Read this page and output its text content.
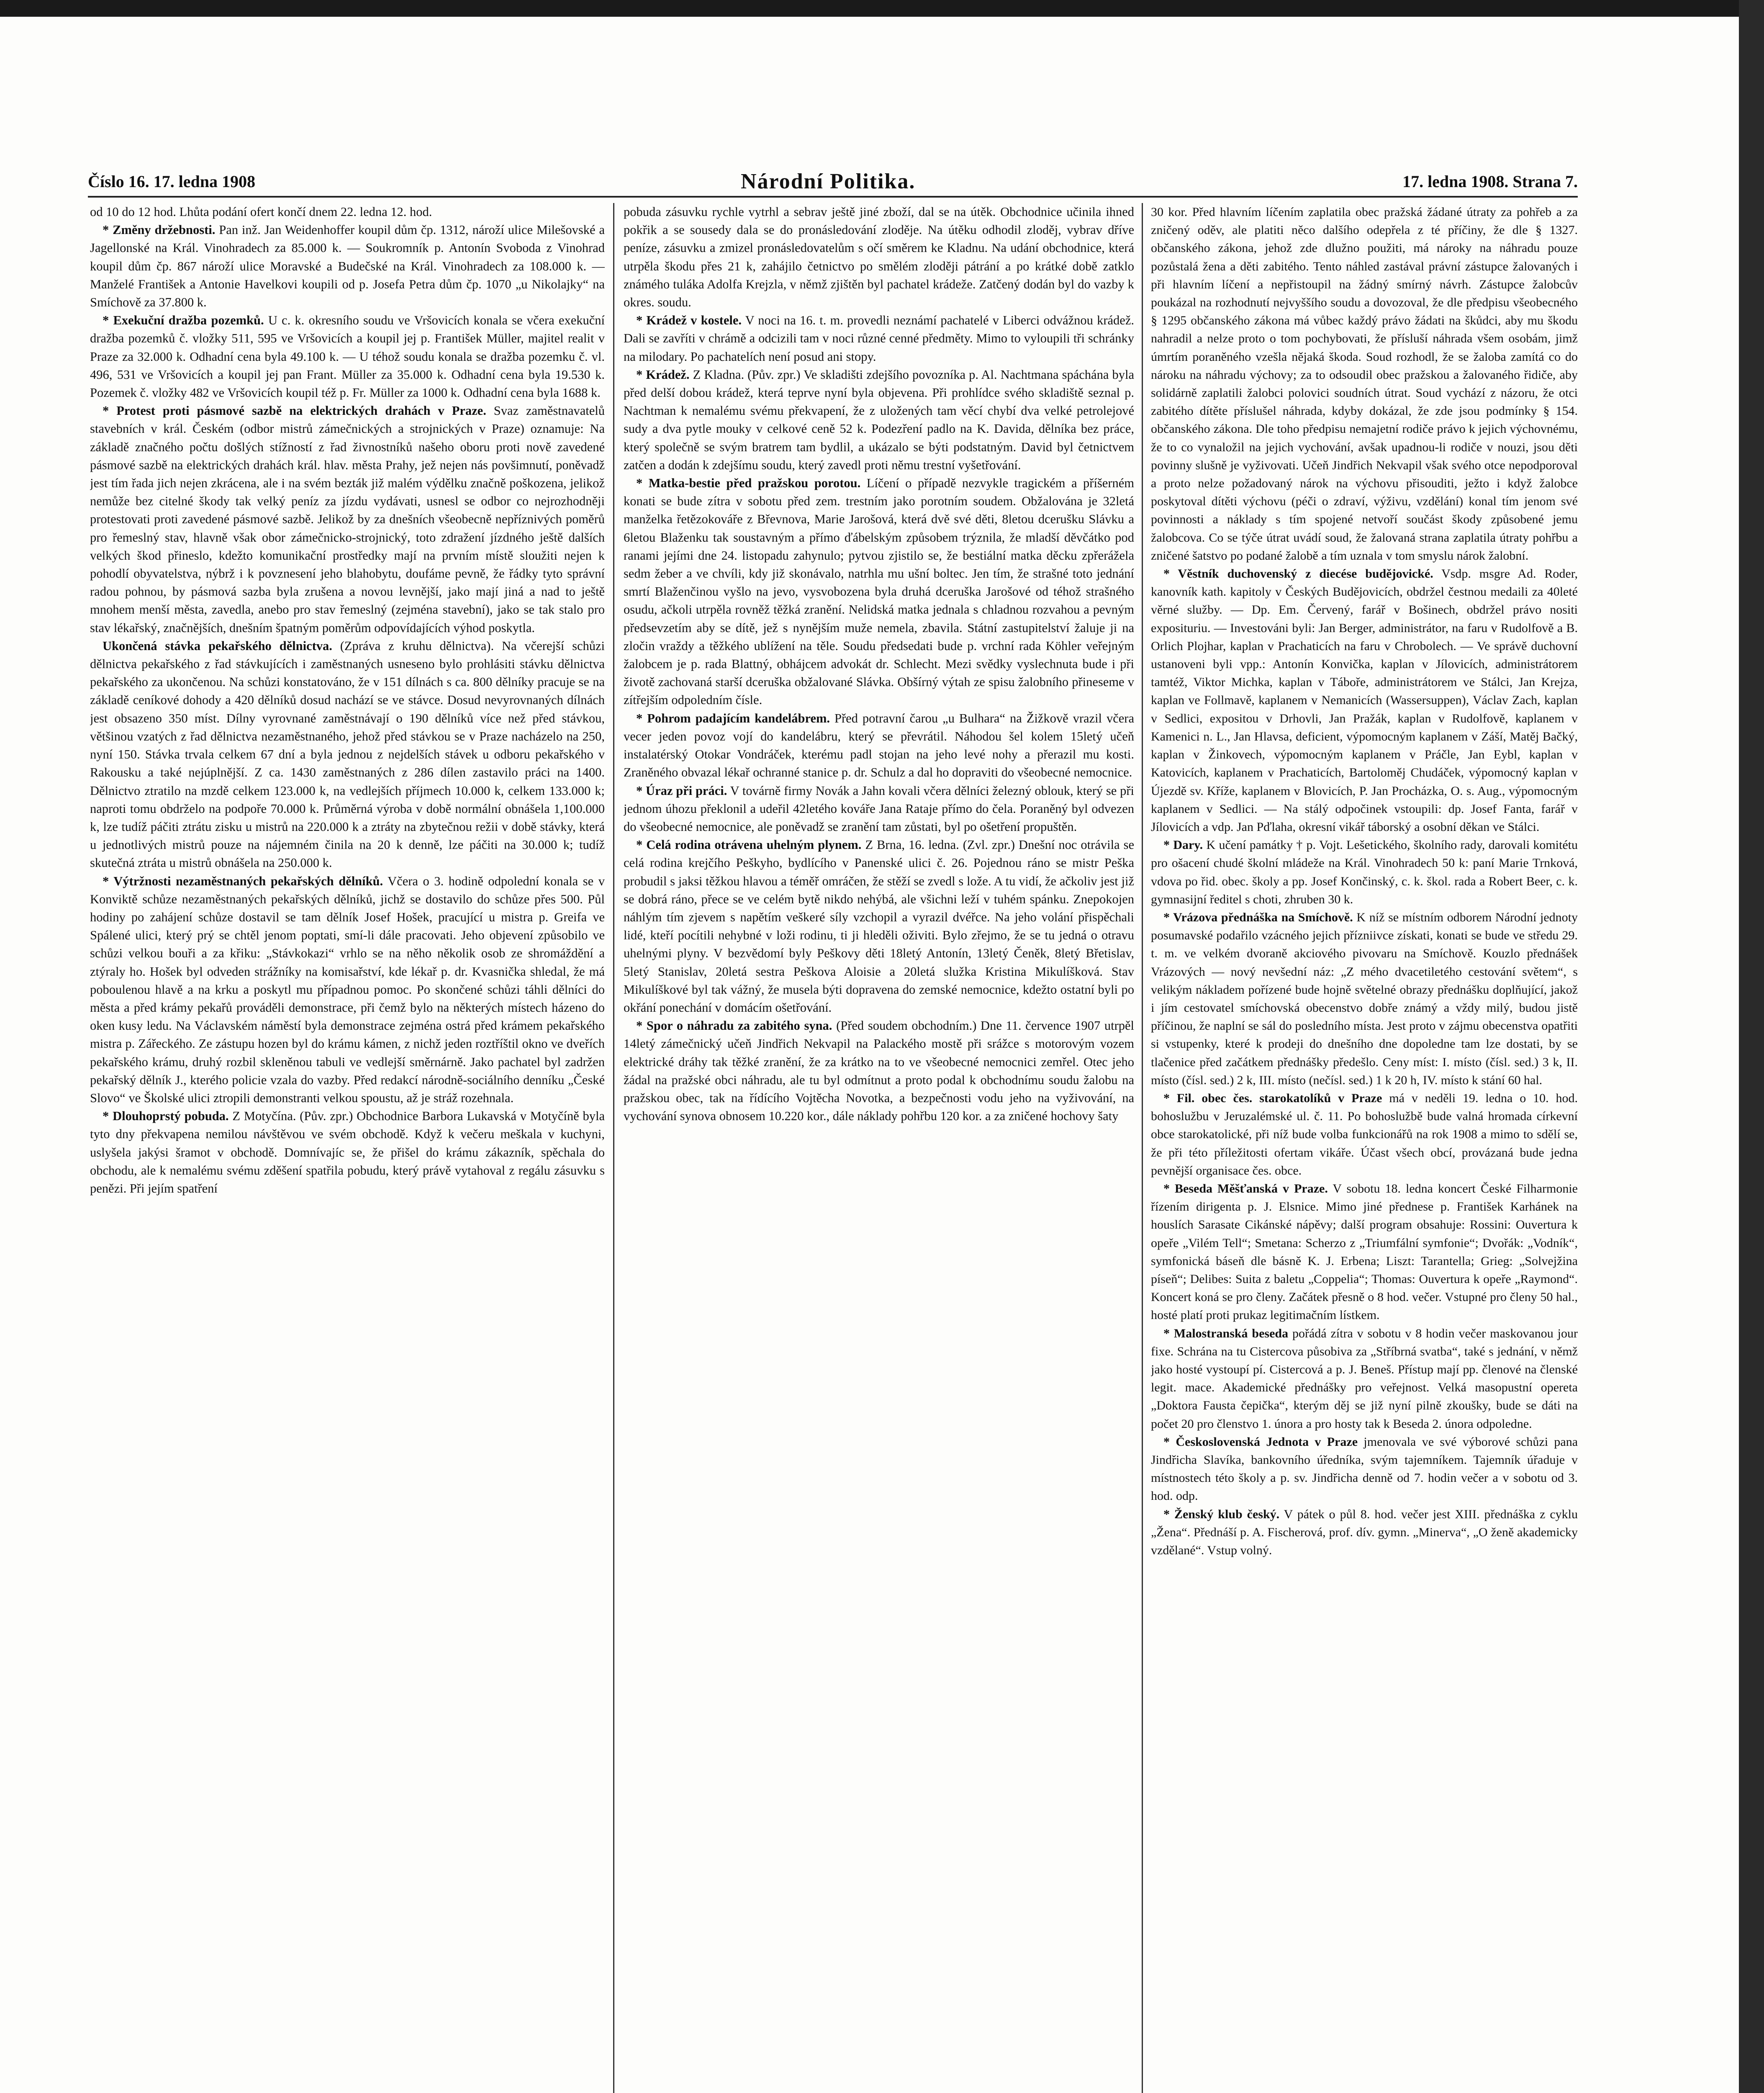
Číslo 16. 17. ledna 1908	Národní Politika.	17. ledna 1908. Strana 7.

od 10 do 12 hod. Lhůta podání ofert končí dnem 22. ledna 12. hod.

* Změny držebnosti. Pan inž. Jan Weidenhoffer koupil dům čp. 1312, nároží ulice Milešovské a Jagellonské na Král. Vinohradech za 85.000 k. — Soukromník p. Antonín Svoboda z Vinohrad koupil dům čp. 867 nároží ulice Moravské a Budečské na Král. Vinohradech za 108.000 k. — Manželé František a Antonie Havelkovi koupili od p. Josefa Petra dům čp. 1070 „u Nikolajky“ na Smíchově za 37.800 k.

* Exekuční dražba pozemků. U c. k. okresního soudu ve Vršovicích konala se včera exekuční dražba pozemků č. vložky 511, 595 ve Vršovicích a koupil jej p. František Müller, majitel realit v Praze za 32.000 k. Odhadní cena byla 49.100 k. — U téhož soudu konala se dražba pozemku č. vl. 496, 531 ve Vršovicích a koupil jej pan Frant. Müller za 35.000 k. Odhadní cena byla 19.530 k. Pozemek č. vložky 482 ve Vršovicích koupil též p. Fr. Müller za 1000 k. Odhadní cena byla 1688 k.

* Protest proti pásmové sazbě na elektrických drahách v Praze. Svaz zaměstnavatelů stavebních v král. Českém (odbor mistrů zámečnických a strojnických v Praze) oznamuje: Na základě značného počtu došlých stížností z řad živnostníků našeho oboru proti nově zavedené pásmové sazbě na elektrických drahách král. hlav. města Prahy, jež nejen nás povšimnutí, poněvadž jest tím řada jich nejen zkrácena, ale i na svém bezták již malém výdělku značně poškozena, jelikož nemůže bez citelné škody tak velký peníz za jízdu vydávati, usnesl se odbor co nejrozhodněji protestovati proti zavedené pásmové sazbě. Jelikož by za dnešních všeobecně nepříznivých poměrů pro řemeslný stav, hlavně však obor zámečnicko-strojnický, toto zdražení jízdného ještě dalších velkých škod přineslo, kdežto komunikační prostředky mají na prvním místě sloužiti nejen k pohodlí obyvatelstva, nýbrž i k povznesení jeho blahobytu, doufáme pevně, že řádky tyto správní radou pohnou, by pásmová sazba byla zrušena a novou levnější, jako mají jiná a nad to ještě mnohem menší města, zavedla, anebo pro stav řemeslný (zejména stavební), jako se tak stalo pro stav lékařský, značnějších, dnešním špatným poměrům odpovídajících výhod poskytla.

Ukončená stávka pekařského dělnictva. (Zpráva z kruhu dělnictva). Na včerejší schůzi dělnictva pekařského z řad stávkujících i zaměstnaných usneseno bylo prohlásiti stávku dělnictva pekařského za ukončenou. Na schůzi konstatováno, že v 151 dílnách s ca. 800 dělníky pracuje se na základě ceníkové dohody a 420 dělníků dosud nachází se ve stávce. Dosud nevyrovnaných dílnách jest obsazeno 350 míst. Dílny vyrovnané zaměstnávají o 190 dělníků více než před stávkou, většinou vzatých z řad dělnictva nezaměstnaného, jehož před stávkou se v Praze nacházelo na 250, nyní 150. Stávka trvala celkem 67 dní a byla jednou z nejdelších stávek u odboru pekařského v Rakousku a také nejúplnější. Z ca. 1430 zaměstnaných z 286 dílen zastavilo práci na 1400. Dělnictvo ztratilo na mzdě celkem 123.000 k, na vedlejších příjmech 10.000 k, celkem 133.000 k; naproti tomu obdrželo na podpoře 70.000 k. Průměrná výroba v době normální obnášela 1,100.000 k, lze tudíž páčiti ztrátu zisku u mistrů na 220.000 k a ztráty na zbytečnou režii v době stávky, která u jednotlivých mistrů pouze na nájemném činila na 20 k denně, lze páčiti na 30.000 k; tudíž skutečná ztráta u mistrů obnášela na 250.000 k.

* Výtržnosti nezaměstnaných pekařských dělníků. Včera o 3. hodině odpolední konala se v Konviktě schůze nezaměstnaných pekařských dělníků, jichž se dostavilo do schůze přes 500. Půl hodiny po zahájení schůze dostavil se tam dělník Josef Hošek, pracující u mistra p. Greifa ve Spálené ulici, který prý se chtěl jenom poptati, smí-li dále pracovati. Jeho objevení způsobilo ve schůzi velkou bouři a za křiku: „Stávkokazi“ vrhlo se na něho několik osob ze shromáždění a ztýraly ho. Hošek byl odveden strážníky na komisařství, kde lékař p. dr. Kvasnička shledal, že má poboulenou hlavě a na krku a poskytl mu případnou pomoc. Po skončené schůzi táhli dělníci do města a před krámy pekařů prováděli demonstrace, při čemž bylo na některých místech házeno do oken kusy ledu. Na Václavském náměstí byla demonstrace zejména ostrá před krámem pekařského mistra p. Zářeckého. Ze zástupu hozen byl do krámu kámen, z nichž jeden roztříštil okno ve dveřích pekařského krámu, druhý rozbil skleněnou tabuli ve vedlejší směrnárně. Jako pachatel byl zadržen pekařský dělník J., kterého policie vzala do vazby. Před redakcí národně-sociálního denníku „České Slovo“ ve Školské ulici ztropili demonstranti velkou spoustu, až je stráž rozehnala.

* Dlouhoprstý pobuda. Z Motyčína. (Pův. zpr.) Obchodnice Barbora Lukavská v Motyčíně byla tyto dny překvapena nemilou návštěvou ve svém obchodě. Když k večeru meškala v kuchyni, uslyšela jakýsi šramot v obchodě. Domnívajíc se, že přišel do krámu zákazník, spěchala do obchodu, ale k nemalému svému zděšení spatřila pobudu, který právě vytahoval z regálu zásuvku s penězi. Při jejím spatření

pobuda zásuvku rychle vytrhl a sebrav ještě jiné zboží, dal se na útěk. Obchodnice učinila ihned pokřik a se sousedy dala se do pronásledování zloděje. Na útěku odhodil zloděj, vybrav dříve peníze, zásuvku a zmizel pronásledovatelům s očí směrem ke Kladnu. Na udání obchodnice, která utrpěla škodu přes 21 k, zahájilo četnictvo po smělém zloději pátrání a po krátké době zatklo známého tuláka Adolfa Krejzla, v němž zjištěn byl pachatel krádeže. Zatčený dodán byl do vazby k okres. soudu.

* Krádež v kostele. V noci na 16. t. m. provedli neznámí pachatelé v Liberci odvážnou krádež. Dali se zavříti v chrámě a odcizili tam v noci různé cenné předměty. Mimo to vyloupili tři schránky na milodary. Po pachatelích není posud ani stopy.

* Krádež. Z Kladna. (Pův. zpr.) Ve skladišti zdejšího povozníka p. Al. Nachtmana spáchána byla před delší dobou krádež, která teprve nyní byla objevena. Při prohlídce svého skladiště seznal p. Nachtman k nemalému svému překvapení, že z uložených tam věcí chybí dva velké petrolejové sudy a dva pytle mouky v celkové ceně 52 k. Podezření padlo na K. Davida, dělníka bez práce, který společně se svým bratrem tam bydlil, a ukázalo se býti podstatným. David byl četnictvem zatčen a dodán k zdejšímu soudu, který zavedl proti němu trestní vyšetřování.

* Matka-bestie před pražskou porotou. Líčení o případě nezvykle tragickém a příšerném konati se bude zítra v sobotu před zem. trestním jako porotním soudem. Obžalována je 32letá manželka řetězokováře z Břevnova, Marie Jarošová, která dvě své děti, 8letou dcerušku Slávku a 6letou Blaženku tak soustavným a přímo ďábelským způsobem trýznila, že mladší děvčátko pod ranami jejími dne 24. listopadu zahynulo; pytvou zjistilo se, že bestiální matka děcku zpřerážela sedm žeber a ve chvíli, kdy již skonávalo, natrhla mu ušní boltec. Jen tím, že strašné toto jednání smrtí Blaženčinou vyšlo na jevo, vysvobozena byla druhá dceruška Jarošové od téhož strašného osudu, ačkoli utrpěla rovněž těžká zranění. Nelidská matka jednala s chladnou rozvahou a pevným předsevzetím aby se dítě, jež s nynějším muže nemela, zbavila. Státní zastupitelství žaluje ji na zločin vraždy a těžkého ublížení na těle. Soudu předsedati bude p. vrchní rada Köhler veřejným žalobcem je p. rada Blattný, obhájcem advokát dr. Schlecht. Mezi svědky vyslechnuta bude i při životě zachovaná starší dceruška obžalované Slávka. Obšírný výtah ze spisu žalobního přineseme v zítřejším odpoledním čísle.

* Pohrom padajícím kandelábrem. Před potravní čarou „u Bulhara“ na Žižkově vrazil včera vecer jeden povoz vojí do kandelábru, který se převrátil. Náhodou šel kolem 15letý učeň instalatérský Otokar Vondráček, kterému padl stojan na jeho levé nohy a přerazil mu kosti. Zraněného obvazal lékař ochranné stanice p. dr. Schulz a dal ho dopraviti do všeobecné nemocnice.

* Úraz při práci. V továrně firmy Novák a Jahn kovali včera dělníci železný oblouk, který se při jednom úhozu překlonil a udeřil 42letého kováře Jana Rataje přímo do čela. Poraněný byl odvezen do všeobecné nemocnice, ale poněvadž se zranění tam zůstati, byl po ošetření propuštěn.

* Celá rodina otrávena uhelným plynem. Z Brna, 16. ledna. (Zvl. zpr.) Dnešní noc otrávila se celá rodina krejčího Peškyho, bydlícího v Panenské ulici č. 26. Pojednou ráno se mistr Peška probudil s jaksi těžkou hlavou a téměř omráčen, že stěží se zvedl s lože. A tu vidí, že ačkoliv jest již se dobrá ráno, přece se ve celém bytě nikdo nehýbá, ale všichni leží v tuhém spánku. Znepokojen náhlým tím zjevem s napětím veškeré síly vzchopil a vyrazil dvéřce. Na jeho volání přispěchali lidé, kteří pocítili nehybné v loži rodinu, ti ji hleděli oživiti. Bylo zřejmo, že se tu jedná o otravu uhelnými plyny. V bezvědomí byly Peškovy děti 18letý Antonín, 13letý Čeněk, 8letý Břetislav, 5letý Stanislav, 20letá sestra Peškova Aloisie a 20letá služka Kristina Mikulíšková. Stav Mikulíškové byl tak vážný, že musela býti dopravena do zemské nemocnice, kdežto ostatní byli po okřání ponechání v domácím ošetřování.

* Spor o náhradu za zabitého syna. (Před soudem obchodním.) Dne 11. července 1907 utrpěl 14letý zámečnický učeň Jindřich Nekvapil na Palackého mostě při srážce s motorovým vozem elektrické dráhy tak těžké zranění, že za krátko na to ve všeobecné nemocnici zemřel. Otec jeho žádal na pražské obci náhradu, ale tu byl odmítnut a proto podal k obchodnímu soudu žalobu na pražskou obec, tak na řídícího Vojtěcha Novotka, a bezpečnosti vodu jeho na vyživování, na vychování synova obnosem 10.220 kor., dále náklady pohřbu 120 kor. a za zničené hochovy šaty

30 kor. Před hlavním líčením zaplatila obec pražská žádané útraty za pohřeb a za zničený oděv, ale platiti něco dalšího odepřela z té příčiny, že dle § 1327. občanského zákona, jehož zde dlužno použiti, má nároky na náhradu pouze pozůstalá žena a děti zabitého. Tento náhled zastával právní zástupce žalovaných i při hlavním líčení a nepřistoupil na žádný smírný návrh. Zástupce žalobcův poukázal na rozhodnutí nejvyššího soudu a dovozoval, že dle předpisu všeobecného § 1295 občanského zákona má vůbec každý právo žádati na škůdci, aby mu škodu nahradil a nelze proto o tom pochybovati, že přísluší náhrada všem osobám, jimž úmrtím poraněného vzešla nějaká škoda. Soud rozhodl, že se žaloba zamítá co do nároku na náhradu výchovy; za to odsoudil obec pražskou a žalovaného řidiče, aby solidárně zaplatili žalobci polovici soudních útrat. Soud vychází z názoru, že otci zabitého dítěte příslušel náhrada, kdyby dokázal, že zde jsou podmínky § 154. občanského zákona. Dle toho předpisu nemajetní rodiče právo k jejich výchovnému, že to co vynaložil na jejich vychování, avšak upadnou-li rodiče v nouzi, jsou děti povinny slušně je vyživovati. Učeň Jindřich Nekvapil však svého otce nepodporoval a proto nelze požadovaný nárok na výchovu přisouditi, ježto i když žalobce poskytoval dítěti výchovu (péči o zdraví, výživu, vzdělání) konal tím jenom své povinnosti a náklady s tím spojené netvoří součást škody způsobené jemu žalobcova. Co se týče útrat uvádí soud, že žalovaná strana zaplatila útraty pohřbu a zničené šatstvo po podané žalobě a tím uznala v tom smyslu nárok žalobní.

* Věstník duchovenský z diecése budějovické. Vsdp. msgre Ad. Roder, kanovník kath. kapitoly v Českých Budějovicích, obdržel čestnou medaili za 40leté věrné služby. — Dp. Em. Červený, farář v Bošinech, obdržel právo nositi exposituriu. — Investováni byli: Jan Berger, administrátor, na faru v Rudolfově a B. Orlich Plojhar, kaplan v Prachaticích na faru v Chrobolech. — Ve správě duchovní ustanoveni byli vpp.: Antonín Konvička, kaplan v Jílovicích, administrátorem tamtéž, Viktor Michka, kaplan v Táboře, administrátorem ve Stálci, Jan Krejza, kaplan ve Follmavě, kaplanem v Nemanicích (Wassersuppen), Václav Zach, kaplan v Sedlici, expositou v Drhovli, Jan Pražák, kaplan v Rudolfově, kaplanem v Kamenici n. L., Jan Hlavsa, deficient, výpomocným kaplanem v Záší, Matěj Bačký, kaplan v Žinkovech, výpomocným kaplanem v Práčle, Jan Eybl, kaplan v Katovicích, kaplanem v Prachaticích, Bartoloměj Chudáček, výpomocný kaplan v Újezdě sv. Kříže, kaplanem v Blovicích, P. Jan Procházka, O. s. Aug., výpomocným kaplanem v Sedlici. — Na stálý odpočinek vstoupili: dp. Josef Fanta, farář v Jílovicích a vdp. Jan Pďlaha, okresní vikář táborský a osobní děkan ve Stálci.

* Dary. K učení památky † p. Vojt. Lešetického, školního rady, darovali komitétu pro ošacení chudé školní mládeže na Král. Vinohradech 50 k: paní Marie Trnková, vdova po řid. obec. školy a pp. Josef Končinský, c. k. škol. rada a Robert Beer, c. k. gymnasijní ředitel s choti, zhruben 30 k.

* Vrázova přednáška na Smíchově. K níž se místním odborem Národní jednoty posumavské podařilo vzácného jejich přízniivce získati, konati se bude ve středu 29. t. m. ve velkém dvoraně akciového pivovaru na Smíchově. Kouzlo přednášek Vrázových — nový nevšední náz: „Z mého dvacetiletého cestování světem“, s velikým nákladem pořízené bude hojně světelné obrazy přednášku doplňující, jakož i jím cestovatel smíchovská obecenstvo dobře známý a vždy milý, budou jistě příčinou, že naplní se sál do posledního místa. Jest proto v zájmu obecenstva opatřiti si vstupenky, které k prodeji do dnešního dne dopoledne tam lze dostati, by se tlačenice před začátkem přednášky předešlo. Ceny míst: I. místo (čísl. sed.) 3 k, II. místo (čísl. sed.) 2 k, III. místo (nečísl. sed.) 1 k 20 h, IV. místo k stání 60 hal.

* Fil. obec čes. starokatolíků v Praze má v neděli 19. ledna o 10. hod. bohoslužbu v Jeruzalémské ul. č. 11. Po bohoslužbě bude valná hromada církevní obce starokatolické, při níž bude volba funkcionářů na rok 1908 a mimo to sdělí se, že při této příležitosti ofertam vikáře. Účast všech obcí, provázaná bude jedna pevnější organisace čes. obce.

* Beseda Měšťanská v Praze. V sobotu 18. ledna koncert České Filharmonie řízením dirigenta p. J. Elsnice. Mimo jiné přednese p. František Karhánek na houslích Sarasate Cikánské nápěvy; další program obsahuje: Rossini: Ouvertura k opeře „Vilém Tell“; Smetana: Scherzo z „Triumfální symfonie“; Dvořák: „Vodník“, symfonická báseň dle básně K. J. Erbena; Liszt: Tarantella; Grieg: „Solvejžina píseň“; Delibes: Suita z baletu „Coppelia“; Thomas: Ouvertura k opeře „Raymond“. Koncert koná se pro členy. Začátek přesně o 8 hod. večer. Vstupné pro členy 50 hal., hosté platí proti prukaz legitimačním lístkem.

* Malostranská beseda pořádá zítra v sobotu v 8 hodin večer maskovanou jour fixe. Schrána na tu Cistercova působiva za „Stříbrná svatba“, také s jednání, v němž jako hosté vystoupí pí. Cistercová a p. J. Beneš. Přístup mají pp. členové na členské legit. mace. Akademické přednášky pro veřejnost. Velká masopustní opereta „Doktora Fausta čepička“, kterým děj se již nyní pilně zkoušky, bude se dáti na počet 20 pro členstvo 1. února a pro hosty tak k Beseda 2. února odpoledne.

* Československá Jednota v Praze jmenovala ve své výborové schůzi pana Jindřicha Slavíka, bankovního úředníka, svým tajemníkem. Tajemník úřaduje v místnostech této školy a p. sv. Jindřicha denně od 7. hodin večer a v sobotu od 3. hod. odp.

* Ženský klub český. V pátek o půl 8. hod. večer jest XIII. přednáška z cyklu „Žena“. Přednáší p. A. Fischerová, prof. dív. gymn. „Minerva“, „O ženě akademicky vzdělané“. Vstup volný.
